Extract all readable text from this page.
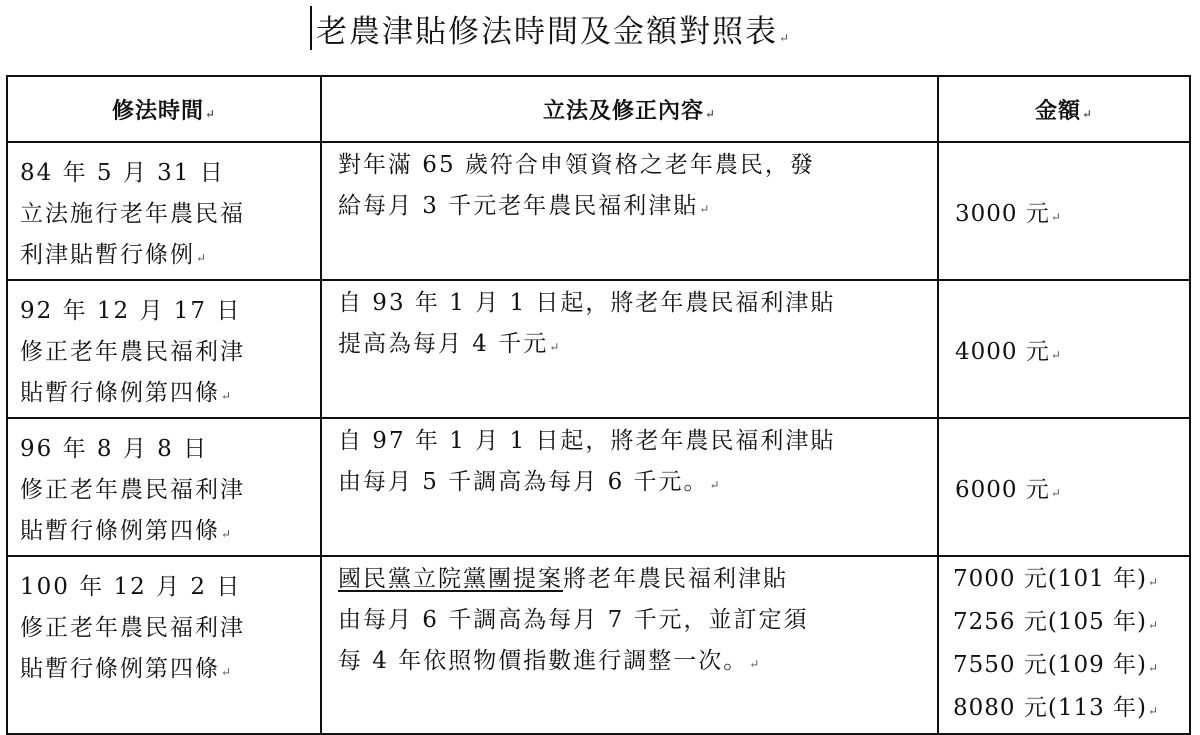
老農津貼修法時間及金額對照表↵
修法時間↵	立法及修正內容↵	金額↵

84 年 5 月 31 日
立法施行老年農民福
利津貼暫行條例↵	對年滿 65 歲符合申領資格之老年農民，發
給每月 3 千元老年農民福利津貼↵	3000 元↵

92 年 12 月 17 日
修正老年農民福利津
貼暫行條例第四條↵	自 93 年 1 月 1 日起，將老年農民福利津貼
提高為每月 4 千元↵	4000 元↵

96 年 8 月 8 日
修正老年農民福利津
貼暫行條例第四條↵	自 97 年 1 月 1 日起，將老年農民福利津貼
由每月 5 千調高為每月 6 千元。↵	6000 元↵

100 年 12 月 2 日
修正老年農民福利津
貼暫行條例第四條↵	國民黨立院黨團提案將老年農民福利津貼
由每月 6 千調高為每月 7 千元，並訂定須
每 4 年依照物價指數進行調整一次。↵	7000 元(101 年)↵
7256 元(105 年)↵
7550 元(109 年)↵
8080 元(113 年)↵
